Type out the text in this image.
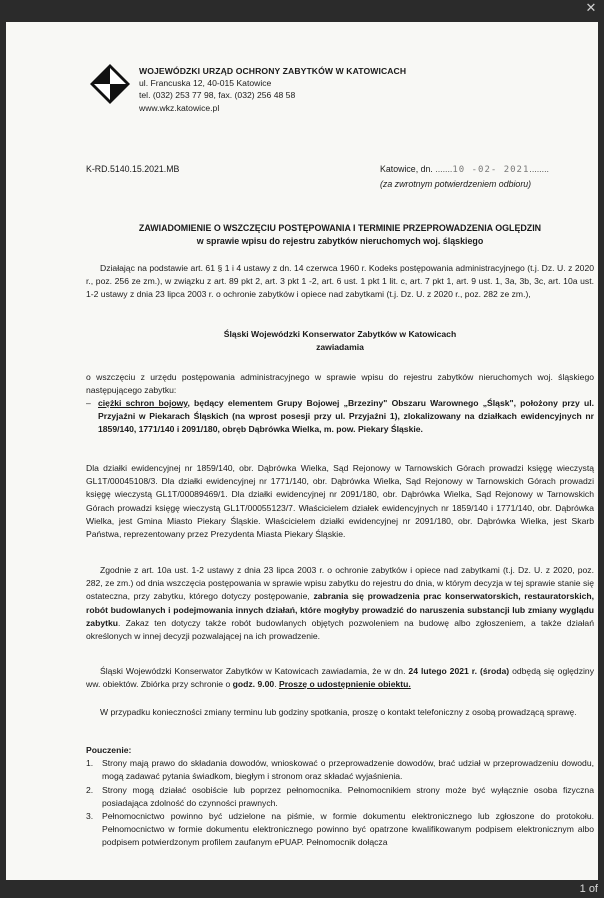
✕
WOJEWÓDZKI URZĄD OCHRONY ZABYTKÓW W KATOWICACH
ul. Francuska 12, 40-015 Katowice
tel. (032) 253 77 98, fax. (032) 256 48 58
www.wkz.katowice.pl
K-RD.5140.15.2021.MB	Katowice, dn. .......10 -02- 2021........
(za zwrotnym potwierdzeniem odbioru)
ZAWIADOMIENIE O WSZCZĘCIU POSTĘPOWANIA I TERMINIE PRZEPROWADZENIA OGLĘDZIN
w sprawie wpisu do rejestru zabytków nieruchomych woj. śląskiego
Działając na podstawie art. 61 § 1 i 4 ustawy z dn. 14 czerwca 1960 r. Kodeks postępowania administracyjnego (t.j. Dz. U. z 2020 r., poz. 256 ze zm.), w związku z art. 89 pkt 2, art. 3 pkt 1 -2, art. 6 ust. 1 pkt 1 lit. c, art. 7 pkt 1, art. 9 ust. 1, 3a, 3b, 3c, art. 10a ust. 1-2 ustawy z dnia 23 lipca 2003 r. o ochronie zabytków i opiece nad zabytkami (t.j. Dz. U. z 2020 r., poz. 282 ze zm.),
Śląski Wojewódzki Konserwator Zabytków w Katowicach
zawiadamia
o wszczęciu z urzędu postępowania administracyjnego w sprawie wpisu do rejestru zabytków nieruchomych woj. śląskiego następującego zabytku:
– ciężki schron bojowy, będący elementem Grupy Bojowej „Brzeziny" Obszaru Warownego „Śląsk", położony przy ul. Przyjaźni w Piekarach Śląskich (na wprost posesji przy ul. Przyjaźni 1), zlokalizowany na działkach ewidencyjnych nr 1859/140, 1771/140 i 2091/180, obręb Dąbrówka Wielka, m. pow. Piekary Śląskie.
Dla działki ewidencyjnej nr 1859/140, obr. Dąbrówka Wielka, Sąd Rejonowy w Tarnowskich Górach prowadzi księgę wieczystą GL1T/00045108/3. Dla działki ewidencyjnej nr 1771/140, obr. Dąbrówka Wielka, Sąd Rejonowy w Tarnowskich Górach prowadzi księgę wieczystą GL1T/00089469/1. Dla działki ewidencyjnej nr 2091/180, obr. Dąbrówka Wielka, Sąd Rejonowy w Tarnowskich Górach prowadzi księgę wieczystą GL1T/00055123/7. Właścicielem działek ewidencyjnych nr 1859/140 i 1771/140, obr. Dąbrówka Wielka, jest Gmina Miasto Piekary Śląskie. Właścicielem działki ewidencyjnej nr 2091/180, obr. Dąbrówka Wielka, jest Skarb Państwa, reprezentowany przez Prezydenta Miasta Piekary Śląskie.
Zgodnie z art. 10a ust. 1-2 ustawy z dnia 23 lipca 2003 r. o ochronie zabytków i opiece nad zabytkami (t.j. Dz. U. z 2020, poz. 282, ze zm.) od dnia wszczęcia postępowania w sprawie wpisu zabytku do rejestru do dnia, w którym decyzja w tej sprawie stanie się ostateczna, przy zabytku, którego dotyczy postępowanie, zabrania się prowadzenia prac konserwatorskich, restauratorskich, robót budowlanych i podejmowania innych działań, które mogłyby prowadzić do naruszenia substancji lub zmiany wyglądu zabytku. Zakaz ten dotyczy także robót budowlanych objętych pozwoleniem na budowę albo zgłoszeniem, a także działań określonych w innej decyzji pozwalającej na ich prowadzenie.
Śląski Wojewódzki Konserwator Zabytków w Katowicach zawiadamia, że w dn. 24 lutego 2021 r. (środa) odbędą się oględziny ww. obiektów. Zbiórka przy schronie o godz. 9.00. Proszę o udostępnienie obiektu.
W przypadku konieczności zmiany terminu lub godziny spotkania, proszę o kontakt telefoniczny z osobą prowadzącą sprawę.
Pouczenie:
1. Strony mają prawo do składania dowodów, wnioskować o przeprowadzenie dowodów, brać udział w przeprowadzeniu dowodu, mogą zadawać pytania świadkom, biegłym i stronom oraz składać wyjaśnienia.
2. Strony mogą działać osobiście lub poprzez pełnomocnika. Pełnomocnikiem strony może być wyłącznie osoba fizyczna posiadająca zdolność do czynności prawnych.
3. Pełnomocnictwo powinno być udzielone na piśmie, w formie dokumentu elektronicznego lub zgłoszone do protokołu. Pełnomocnictwo w formie dokumentu elektronicznego powinno być opatrzone kwalifikowanym podpisem elektronicznym albo podpisem potwierdzonym profilem zaufanym ePUAP. Pełnomocnik dołącza
1 of
